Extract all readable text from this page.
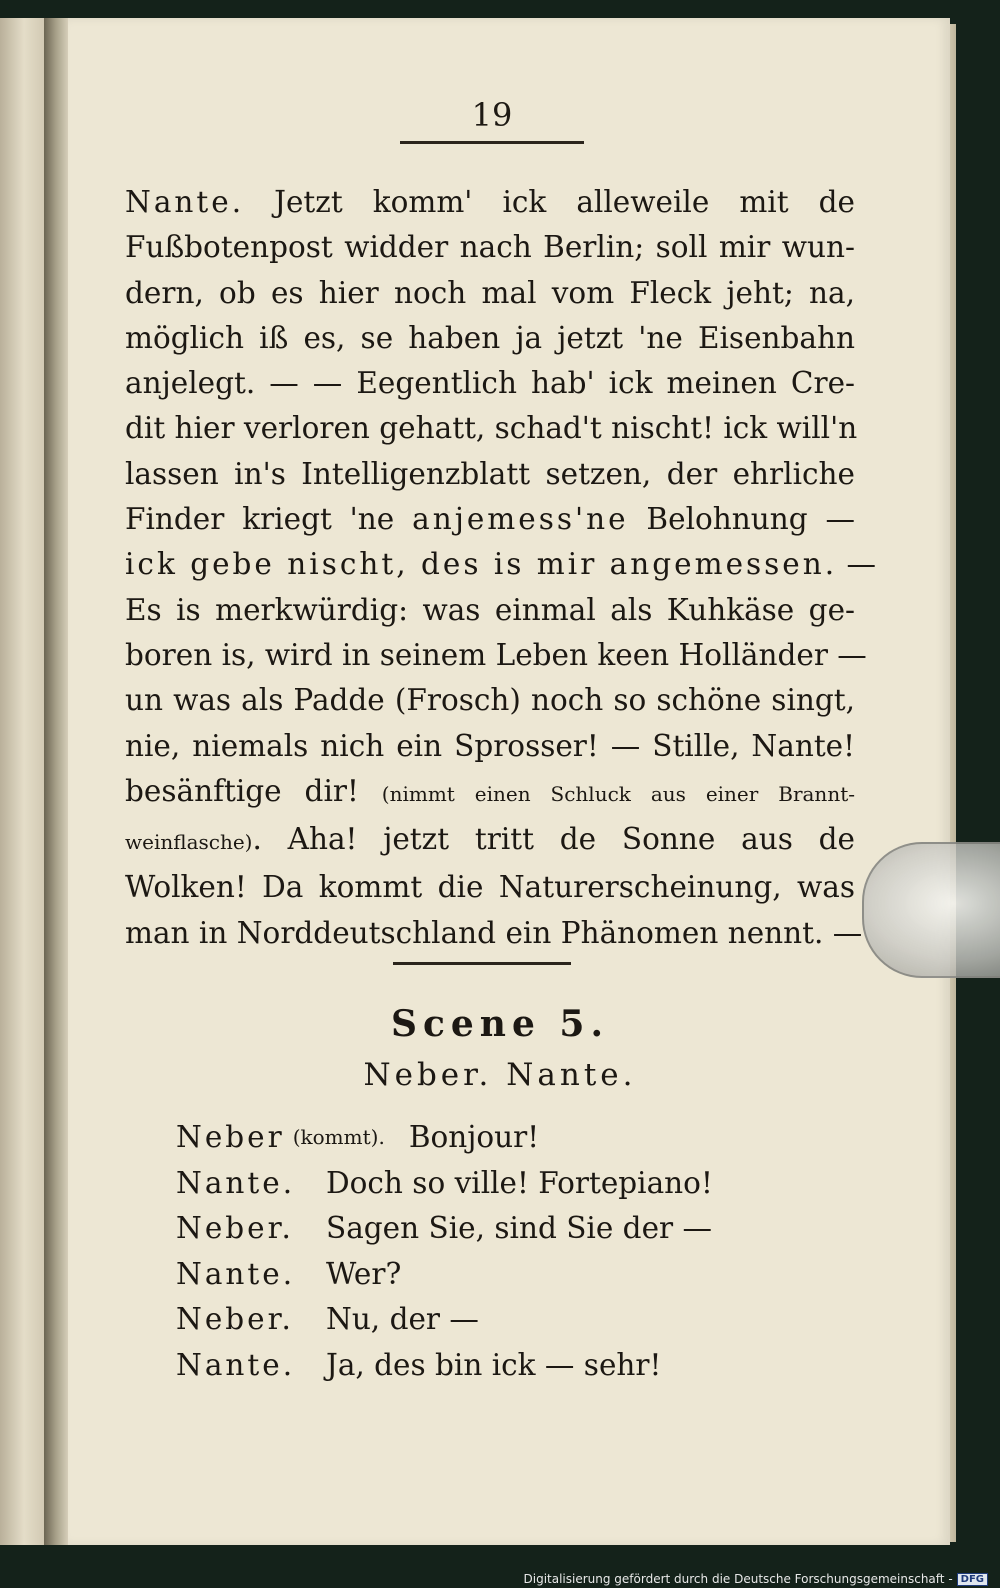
19
Nante. Jetzt komm' ick alleweile mit de
Fußbotenpost widder nach Berlin; soll mir wun-
dern, ob es hier noch mal vom Fleck jeht; na,
möglich iß es, se haben ja jetzt 'ne Eisenbahn
anjelegt. — — Eegentlich hab' ick meinen Cre-
dit hier verloren gehatt, schad't nischt! ick will'n
lassen in's Intelligenzblatt setzen, der ehrliche
Finder kriegt 'ne anjemess'ne Belohnung —
ick gebe nischt, des is mir angemessen. —
Es is merkwürdig: was einmal als Kuhkäse ge-
boren is, wird in seinem Leben keen Holländer —
un was als Padde (Frosch) noch so schöne singt,
nie, niemals nich ein Sprosser! — Stille, Nante!
besänftige dir! (nimmt einen Schluck aus einer Brannt-
weinflasche). Aha! jetzt tritt de Sonne aus de
Wolken! Da kommt die Naturerscheinung, was
man in Norddeutschland ein Phänomen nennt. —
Scene 5.
Neber. Nante.
Neber (kommt). Bonjour!
Nante.	Doch so ville! Fortepiano!
Neber.	Sagen Sie, sind Sie der —
Nante.	Wer?
Neber.	Nu, der —
Nante.	Ja, des bin ick — sehr!
Digitalisierung gefördert durch die Deutsche Forschungsgemeinschaft - DFG
